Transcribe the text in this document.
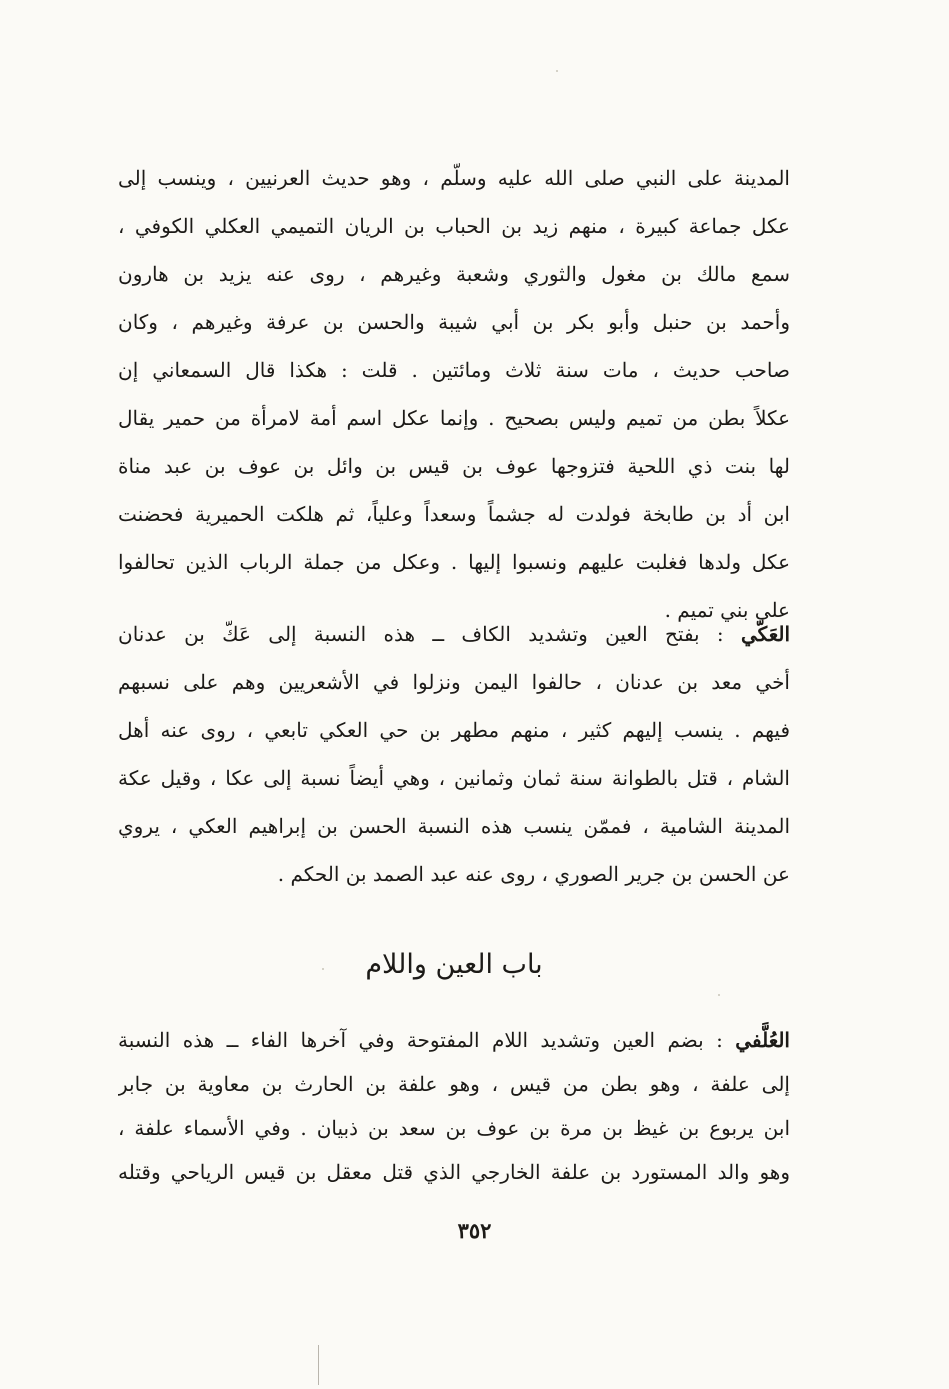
المدينة على النبي صلى الله عليه وسلّم ، وهو حديث العرنيين ، وينسب إلى
عكل جماعة كبيرة ، منهم زيد بن الحباب بن الريان التميمي العكلي الكوفي ،
سمع مالك بن مغول والثوري وشعبة وغيرهم ، روى عنه يزيد بن هارون
وأحمد بن حنبل وأبو بكر بن أبي شيبة والحسن بن عرفة وغيرهم ، وكان
صاحب حديث ، مات سنة ثلاث ومائتين . قلت : هكذا قال السمعاني إن
عكلاً بطن من تميم وليس بصحيح . وإنما عكل اسم أمة لامرأة من حمير يقال
لها بنت ذي اللحية فتزوجها عوف بن قيس بن وائل بن عوف بن عبد مناة
ابن أد بن طابخة فولدت له جشماً وسعداً وعلياً، ثم هلكت الحميرية فحضنت
عكل ولدها فغلبت عليهم ونسبوا إليها . وعكل من جملة الرباب الذين تحالفوا
على بني تميم .
العَكّي : بفتح العين وتشديد الكاف ــ هذه النسبة إلى عَكّ بن عدنان
أخي معد بن عدنان ، حالفوا اليمن ونزلوا في الأشعريين وهم على نسبهم
فيهم . ينسب إليهم كثير ، منهم مطهر بن حي العكي تابعي ، روى عنه أهل
الشام ، قتل بالطوانة سنة ثمان وثمانين ، وهي أيضاً نسبة إلى عكا ، وقيل عكة
المدينة الشامية ، فممّن ينسب هذه النسبة الحسن بن إبراهيم العكي ، يروي
عن الحسن بن جرير الصوري ، روى عنه عبد الصمد بن الحكم .
باب العين واللام
العُلَّفي : بضم العين وتشديد اللام المفتوحة وفي آخرها الفاء ــ هذه النسبة
إلى علفة ، وهو بطن من قيس ، وهو علفة بن الحارث بن معاوية بن جابر
ابن يربوع بن غيظ بن مرة بن عوف بن سعد بن ذبيان . وفي الأسماء علفة ،
وهو والد المستورد بن علفة الخارجي الذي قتل معقل بن قيس الرياحي وقتله
٣٥٢
